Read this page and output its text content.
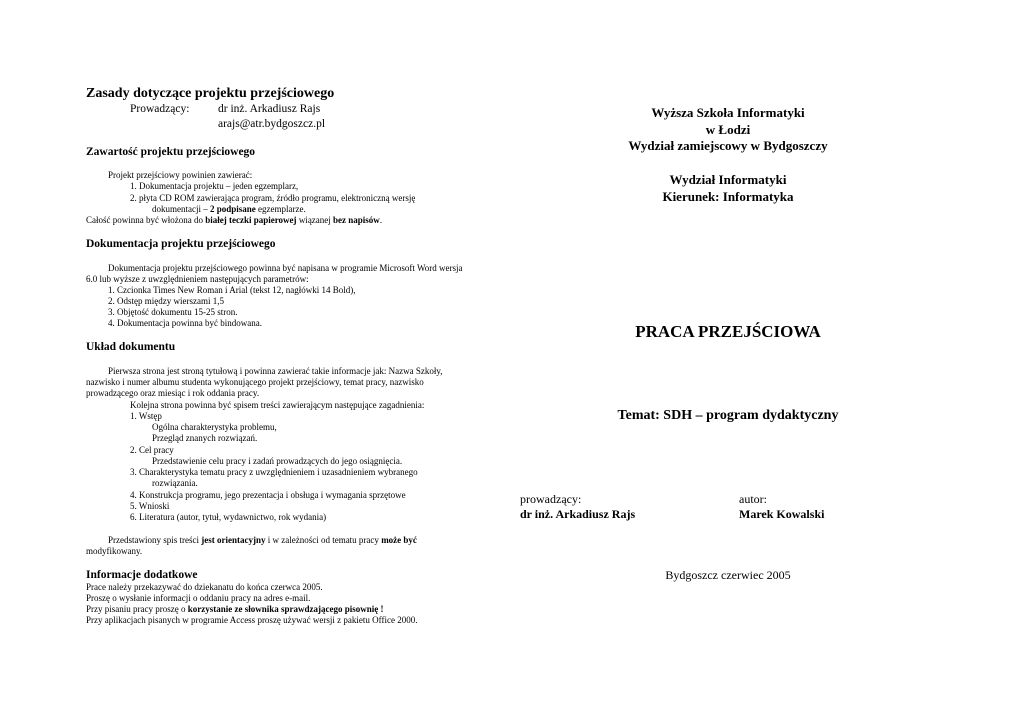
Zasady dotyczące projektu przejściowego
Prowadzący: dr inż. Arkadiusz Rajs
arajs@atr.bydgoszcz.pl
Zawartość projektu przejściowego
Projekt przejściowy powinien zawierać:
1. Dokumentacja projektu – jeden egzemplarz,
2. płyta CD ROM zawierająca program, źródło programu, elektroniczną wersję
dokumentacji – 2 podpisane egzemplarze.
Całość powinna być włożona do białej teczki papierowej wiązanej bez napisów.
Dokumentacja projektu przejściowego
Dokumentacja projektu przejściowego powinna być napisana w programie Microsoft Word wersja
6.0 lub wyższe z uwzględnieniem następujących parametrów:
1. Czcionka Times New Roman i Arial (tekst 12, nagłówki 14 Bold),
2. Odstęp między wierszami 1,5
3. Objętość dokumentu 15-25 stron.
4. Dokumentacja powinna być bindowana.
Układ dokumentu
Pierwsza strona jest stroną tytułową i powinna zawierać takie informacje jak: Nazwa Szkoły,
nazwisko i numer albumu studenta wykonującego projekt przejściowy, temat pracy, nazwisko
prowadzącego oraz miesiąc i rok oddania pracy.
Kolejna strona powinna być spisem treści zawierającym następujące zagadnienia:
1. Wstęp
Ogólna charakterystyka problemu,
Przegląd znanych rozwiązań.
2. Cel pracy
Przedstawienie celu pracy i zadań prowadzących do jego osiągnięcia.
3. Charakterystyka tematu pracy z uwzględnieniem i uzasadnieniem wybranego
rozwiązania.
4. Konstrukcja programu, jego prezentacja i obsługa i wymagania sprzętowe
5. Wnioski
6. Literatura (autor, tytuł, wydawnictwo, rok wydania)
Przedstawiony spis treści jest orientacyjny i w zależności od tematu pracy może być
modyfikowany.
Informacje dodatkowe
Prace należy przekazywać do dziekanatu do końca czerwca 2005.
Proszę o wysłanie informacji o oddaniu pracy na adres e-mail.
Przy pisaniu pracy proszę o korzystanie ze słownika sprawdzającego pisownię !
Przy aplikacjach pisanych w programie Access proszę używać wersji z pakietu Office 2000.
Wyższa Szkoła Informatyki
w Łodzi
Wydział zamiejscowy w Bydgoszczy
Wydział Informatyki
Kierunek: Informatyka
PRACA PRZEJŚCIOWA
Temat: SDH – program dydaktyczny
prowadzący:
dr inż. Arkadiusz Rajs
autor:
Marek Kowalski
Bydgoszcz czerwiec 2005
